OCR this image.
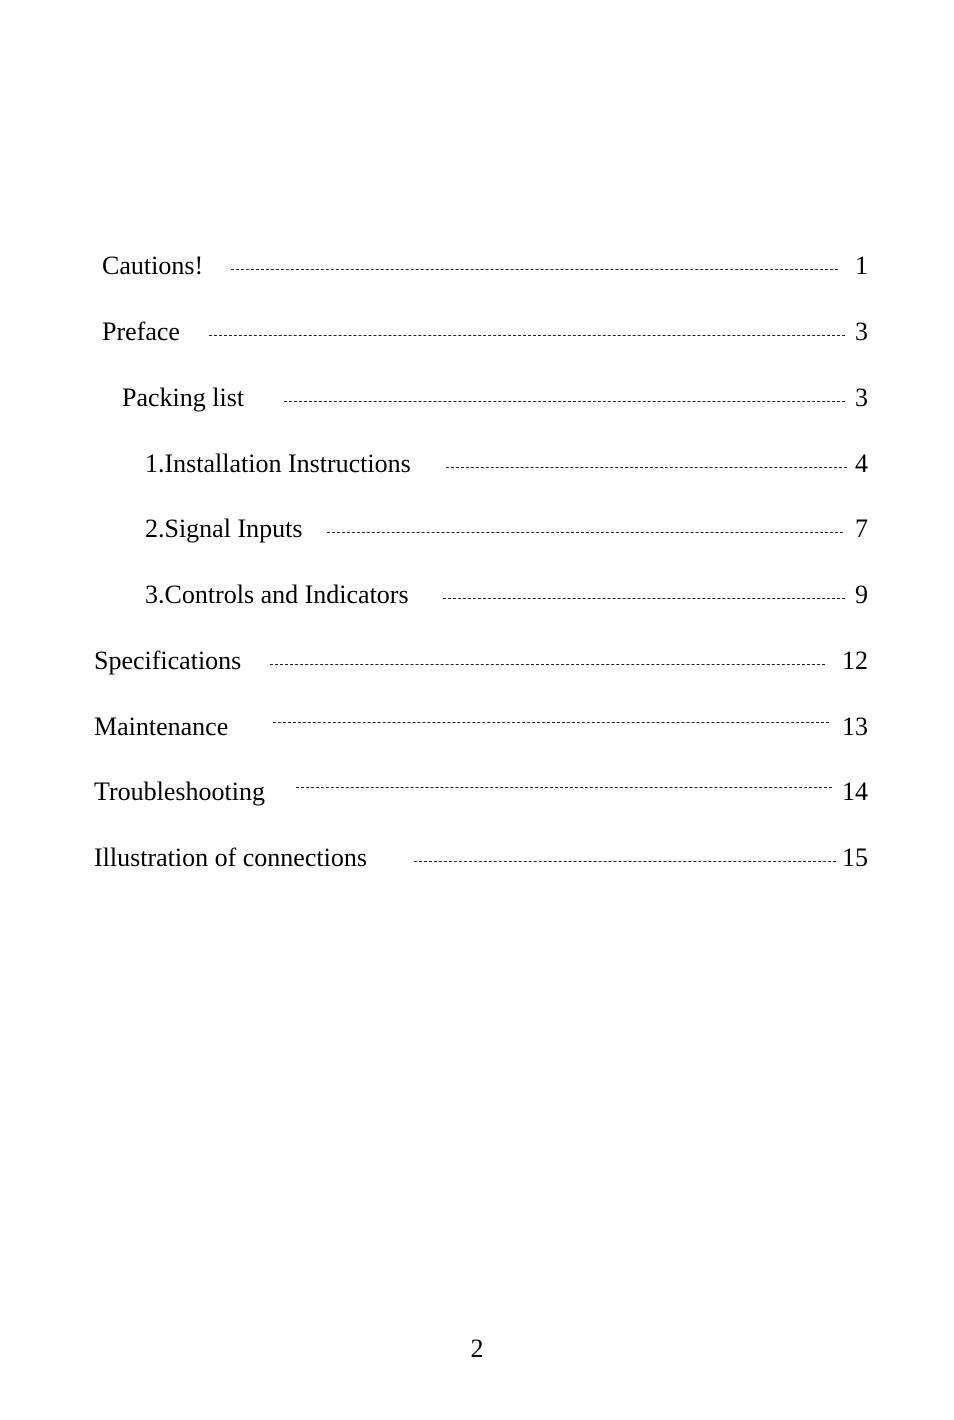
Cautions!	1
Preface	3
Packing list	3
1.Installation Instructions	4
2.Signal Inputs	7
3.Controls and Indicators	9
Specifications	12
Maintenance	13
Troubleshooting	14
Illustration of connections	15
2
